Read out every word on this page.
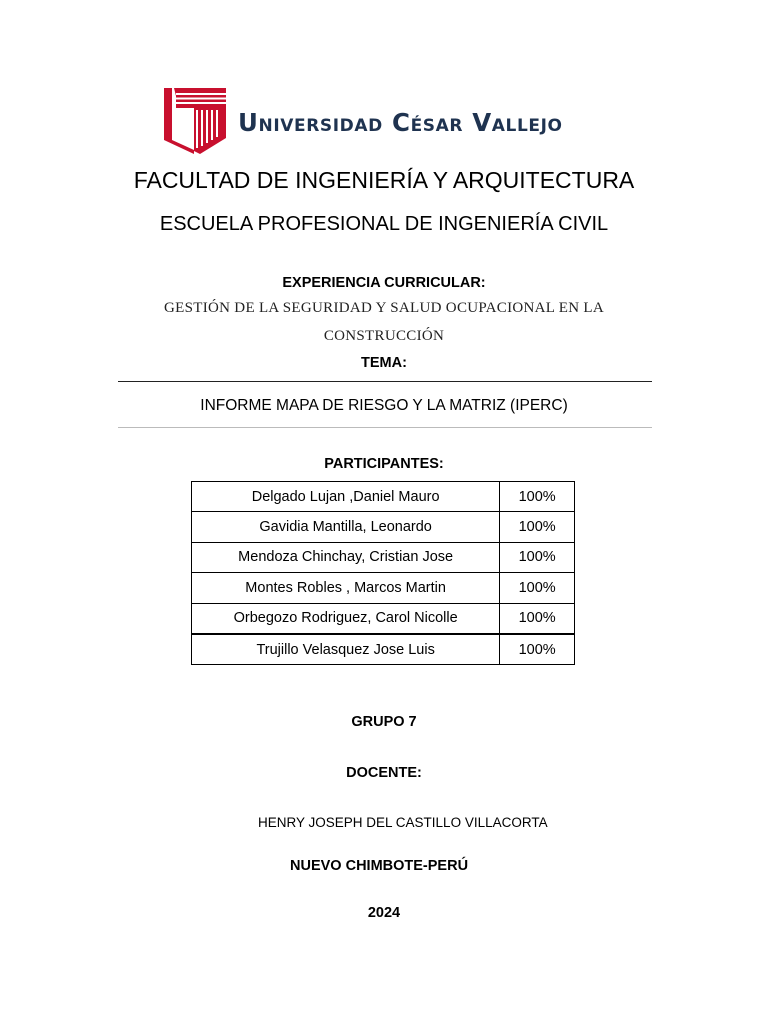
Universidad César Vallejo
FACULTAD DE INGENIERÍA Y ARQUITECTURA
ESCUELA PROFESIONAL DE INGENIERÍA CIVIL
EXPERIENCIA CURRICULAR:
GESTIÓN DE LA SEGURIDAD Y SALUD OCUPACIONAL EN LA
CONSTRUCCIÓN
TEMA:
INFORME MAPA DE RIESGO Y LA MATRIZ (IPERC)
PARTICIPANTES:
Delgado Lujan ,Daniel Mauro	100%
Gavidia Mantilla, Leonardo	100%
Mendoza Chinchay, Cristian Jose	100%
Montes Robles , Marcos Martin	100%
Orbegozo Rodriguez, Carol Nicolle	100%
Trujillo Velasquez Jose Luis	100%
GRUPO 7
DOCENTE:
HENRY JOSEPH DEL CASTILLO VILLACORTA
NUEVO CHIMBOTE-PERÚ
2024
